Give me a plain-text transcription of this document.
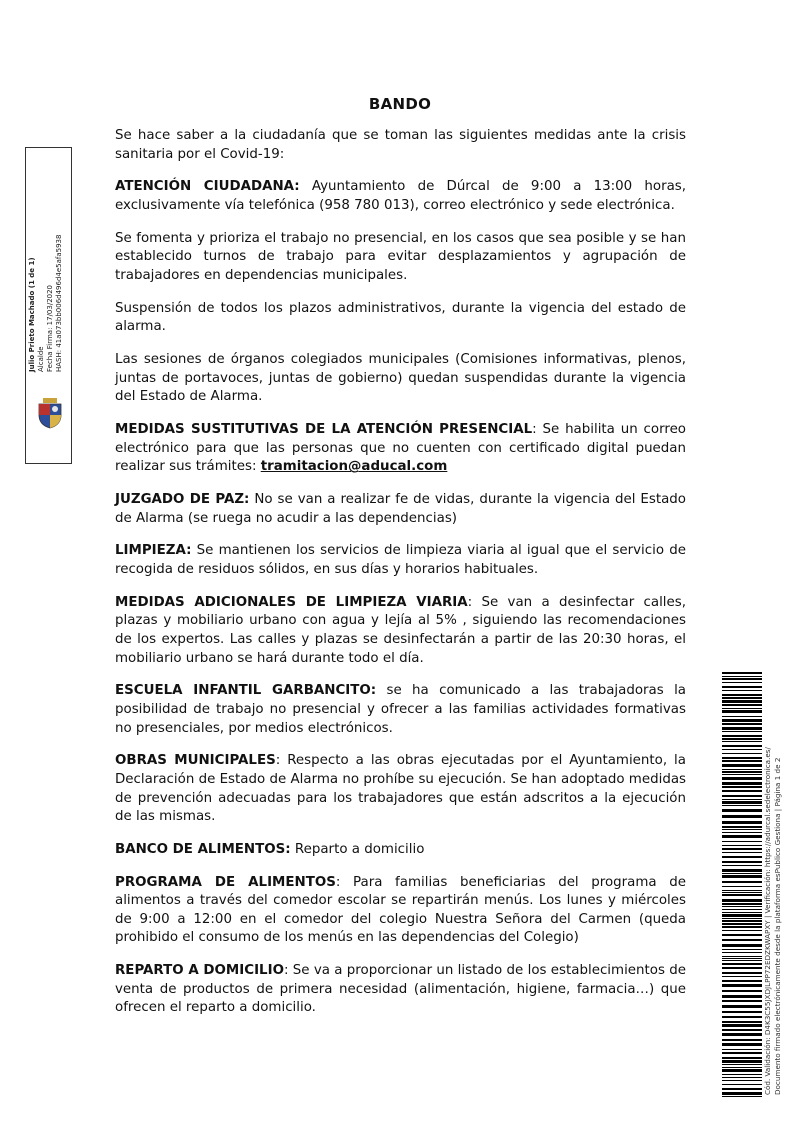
BANDO

Se hace saber a la ciudadanía que se toman las siguientes medidas ante la crisis sanitaria por el Covid-19:

ATENCIÓN CIUDADANA: Ayuntamiento de Dúrcal de 9:00 a 13:00 horas, exclusivamente vía telefónica (958 780 013), correo electrónico y sede electrónica.

Se fomenta y prioriza el trabajo no presencial, en los casos que sea posible y se han establecido turnos de trabajo para evitar desplazamientos y agrupación de trabajadores en dependencias municipales.

Suspensión de todos los plazos administrativos, durante la vigencia del estado de alarma.

Las sesiones de órganos colegiados municipales (Comisiones informativas, plenos, juntas de portavoces, juntas de gobierno) quedan suspendidas durante la vigencia del Estado de Alarma.

MEDIDAS SUSTITUTIVAS DE LA ATENCIÓN PRESENCIAL: Se habilita un correo electrónico para que las personas que no cuenten con certificado digital puedan realizar sus trámites: tramitacion@aducal.com

JUZGADO DE PAZ: No se van a realizar fe de vidas, durante la vigencia del Estado de Alarma (se ruega no acudir a las dependencias)

LIMPIEZA: Se mantienen los servicios de limpieza viaria al igual que el servicio de recogida de residuos sólidos, en sus días y horarios habituales.

MEDIDAS ADICIONALES DE LIMPIEZA VIARIA: Se van a desinfectar calles, plazas y mobiliario urbano con agua y lejía al 5% , siguiendo las recomendaciones de los expertos. Las calles y plazas se desinfectarán a partir de las 20:30 horas, el mobiliario urbano se hará durante todo el día.

ESCUELA INFANTIL GARBANCITO: se ha comunicado a las trabajadoras la posibilidad de trabajo no presencial y ofrecer a las familias actividades formativas no presenciales, por medios electrónicos.

OBRAS MUNICIPALES: Respecto a las obras ejecutadas por el Ayuntamiento, la Declaración de Estado de Alarma no prohíbe su ejecución. Se han adoptado medidas de prevención adecuadas para los trabajadores que están adscritos a la ejecución de las mismas.

BANCO DE ALIMENTOS: Reparto a domicilio

PROGRAMA DE ALIMENTOS: Para familias beneficiarias del programa de alimentos a través del comedor escolar se repartirán menús. Los lunes y miércoles de 9:00 a 12:00 en el comedor del colegio Nuestra Señora del Carmen (queda prohibido el consumo de los menús en las dependencias del Colegio)

REPARTO A DOMICILIO: Se va a proporcionar un listado de los establecimientos de venta de productos de primera necesidad (alimentación, higiene, farmacia…) que ofrecen el reparto a domicilio.

Julio Prieto Machado (1 de 1) Alcalde Fecha Firma: 17/03/2020 HASH: 41a073bb006d496d4e5afa5938
Cód. Validación: D4K3C55JXDJLPP72EDZKWAPXY | Verificación: https://adurcal.sedelectronica.es/ Documento firmado electrónicamente desde la plataforma esPublico Gestiona | Página 1 de 2
